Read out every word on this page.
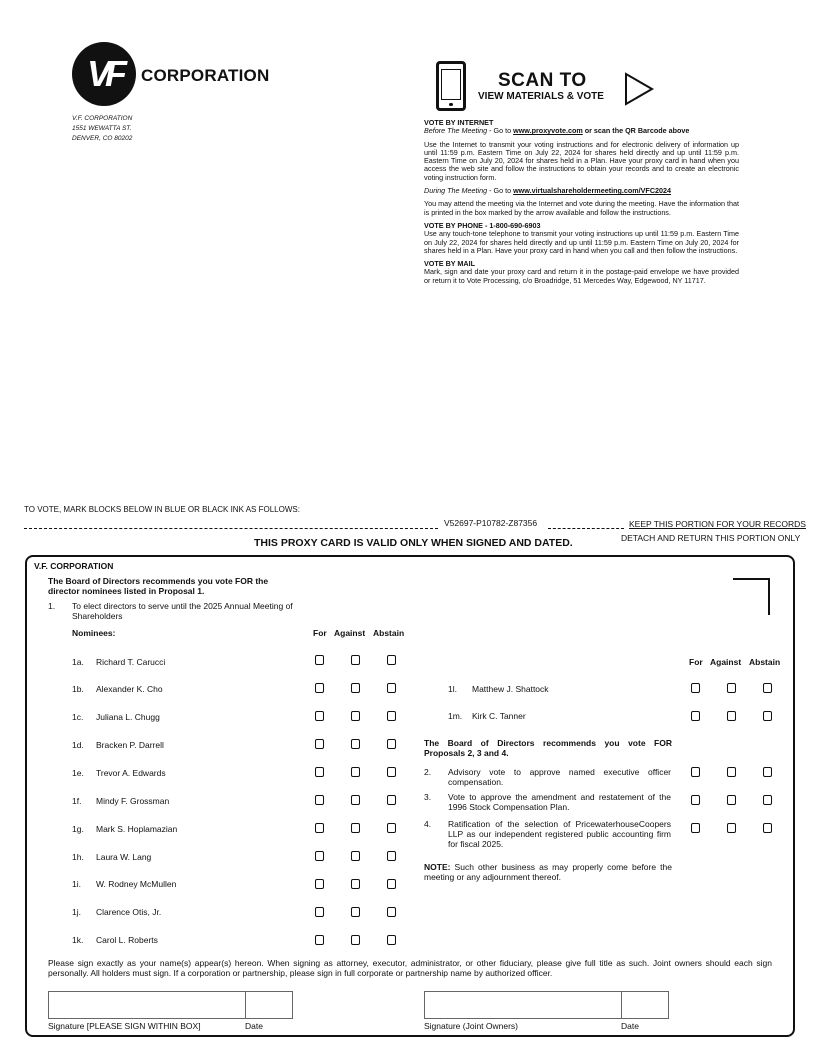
VF CORPORATION
V.F. CORPORATION
1551 WEWATTA ST.
DENVER, CO 80202
SCAN TO
VIEW MATERIALS & VOTE

VOTE BY INTERNET

Before The Meeting - Go to www.proxyvote.com or scan the QR Barcode above

Use the Internet to transmit your voting instructions and for electronic delivery of information up until 11:59 p.m. Eastern Time on July 22, 2024 for shares held directly and up until 11:59 p.m. Eastern Time on July 20, 2024 for shares held in a Plan. Have your proxy card in hand when you access the web site and follow the instructions to obtain your records and to create an electronic voting instruction form.

During The Meeting - Go to www.virtualshareholdermeeting.com/VFC2024

You may attend the meeting via the Internet and vote during the meeting. Have the information that is printed in the box marked by the arrow available and follow the instructions.

VOTE BY PHONE - 1-800-690-6903

Use any touch-tone telephone to transmit your voting instructions up until 11:59 p.m. Eastern Time on July 22, 2024 for shares held directly and up until 11:59 p.m. Eastern Time on July 20, 2024 for shares held in a Plan. Have your proxy card in hand when you call and then follow the instructions.

VOTE BY MAIL

Mark, sign and date your proxy card and return it in the postage-paid envelope we have provided or return it to Vote Processing, c/o Broadridge, 51 Mercedes Way, Edgewood, NY 11717.

TO VOTE, MARK BLOCKS BELOW IN BLUE OR BLACK INK AS FOLLOWS:
V52697-P10782-Z87356	KEEP THIS PORTION FOR YOUR RECORDS
DETACH AND RETURN THIS PORTION ONLY
THIS PROXY CARD IS VALID ONLY WHEN SIGNED AND DATED.
V.F. CORPORATION
The Board of Directors recommends you vote FOR the director nominees listed in Proposal 1.
1. To elect directors to serve until the 2025 Annual Meeting of Shareholders
Nominees:	For Against Abstain
1a. Richard T. Carucci
1b. Alexander K. Cho
1c. Juliana L. Chugg
1d. Bracken P. Darrell
1e. Trevor A. Edwards
1f. Mindy F. Grossman
1g. Mark S. Hoplamazian
1h. Laura W. Lang
1i. W. Rodney McMullen
1j. Clarence Otis, Jr.
1k. Carol L. Roberts
For Against Abstain
1l. Matthew J. Shattock
1m. Kirk C. Tanner
The Board of Directors recommends you vote FOR Proposals 2, 3 and 4.
2. Advisory vote to approve named executive officer compensation.
3. Vote to approve the amendment and restatement of the 1996 Stock Compensation Plan.
4. Ratification of the selection of PricewaterhouseCoopers LLP as our independent registered public accounting firm for fiscal 2025.
NOTE: Such other business as may properly come before the meeting or any adjournment thereof.
Please sign exactly as your name(s) appear(s) hereon. When signing as attorney, executor, administrator, or other fiduciary, please give full title as such. Joint owners should each sign personally. All holders must sign. If a corporation or partnership, please sign in full corporate or partnership name by authorized officer.
Signature [PLEASE SIGN WITHIN BOX]	Date	Signature (Joint Owners)	Date
